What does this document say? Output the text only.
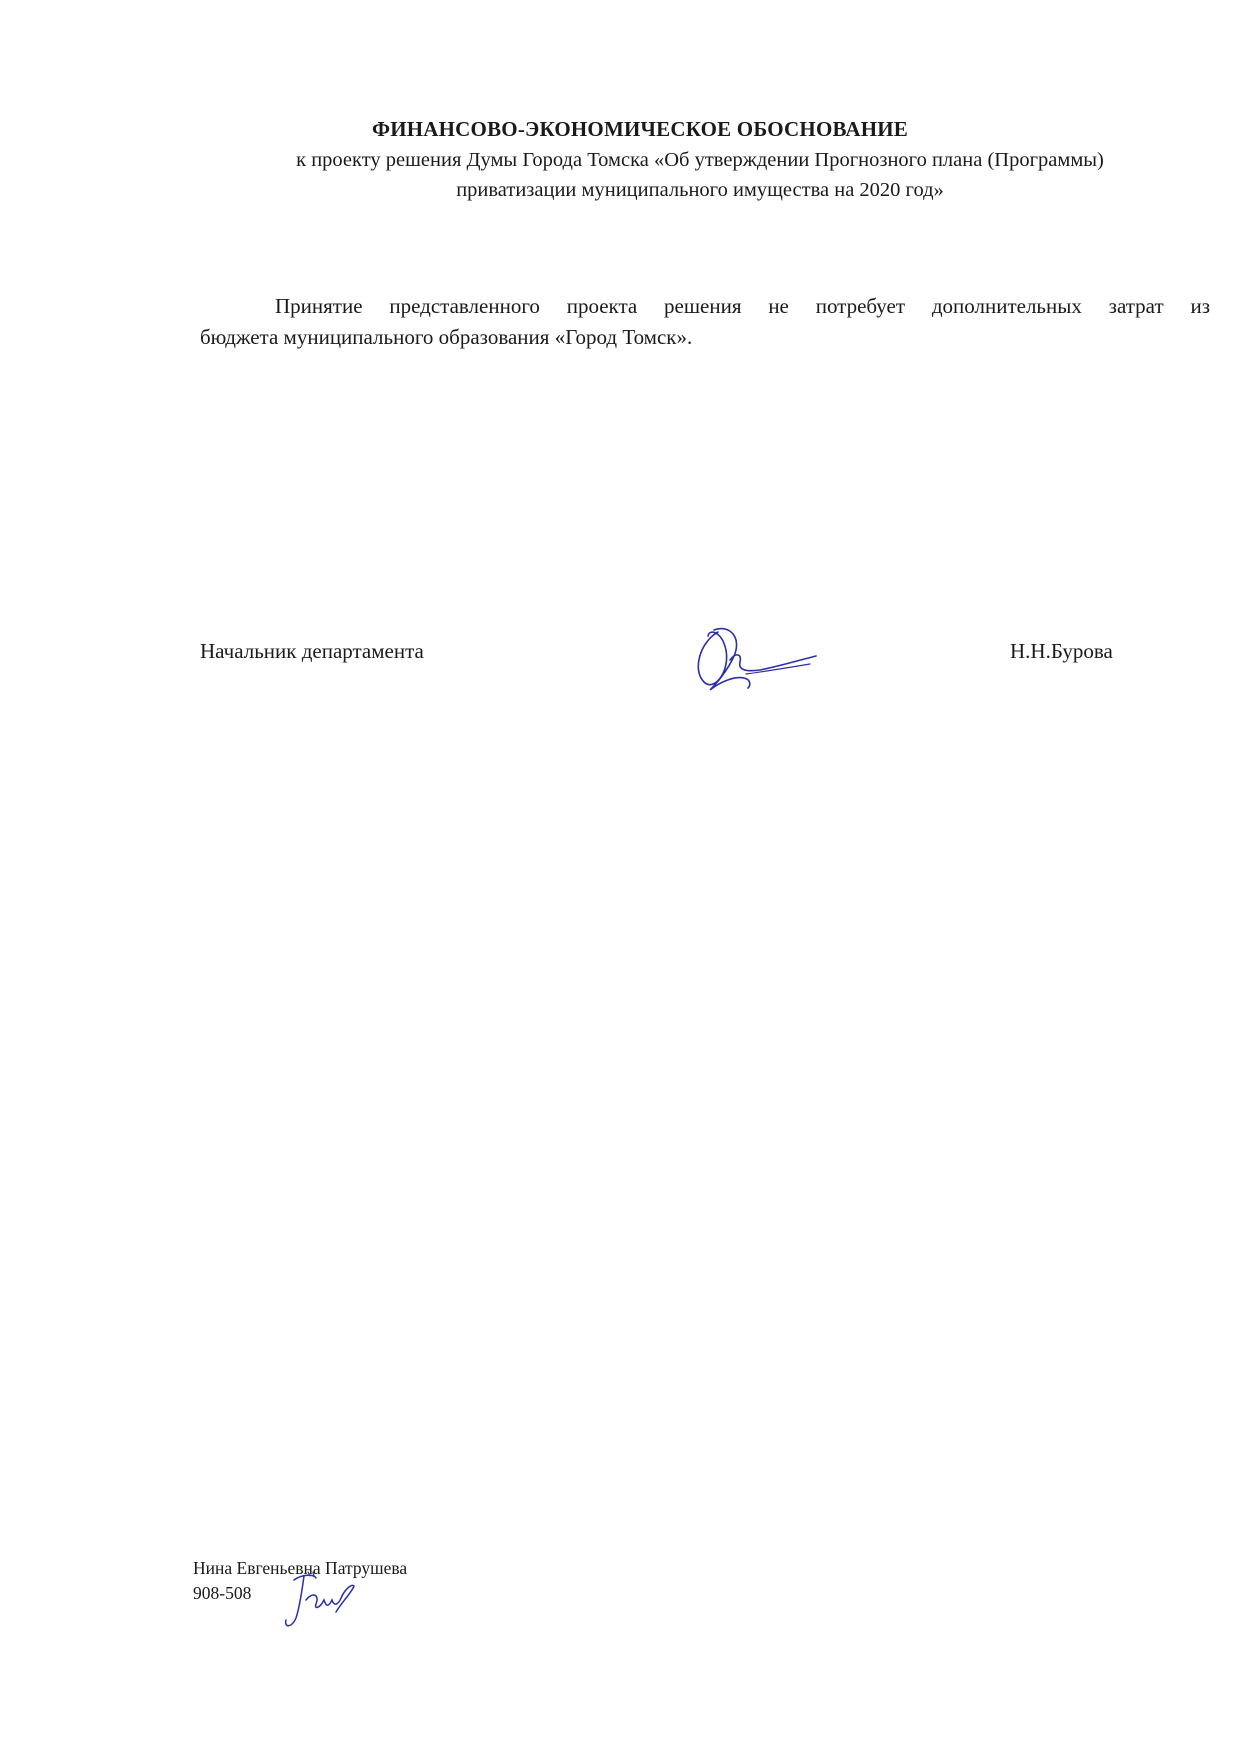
ФИНАНСОВО-ЭКОНОМИЧЕСКОЕ ОБОСНОВАНИЕ
к проекту решения Думы Города Томска «Об утверждении Прогнозного плана (Программы)
приватизации муниципального имущества на 2020 год»
Принятие представленного проекта решения не потребует дополнительных затрат из
бюджета муниципального образования «Город Томск».
Начальник департамента	Н.Н.Бурова
Нина Евгеньевна Патрушева
908-508
